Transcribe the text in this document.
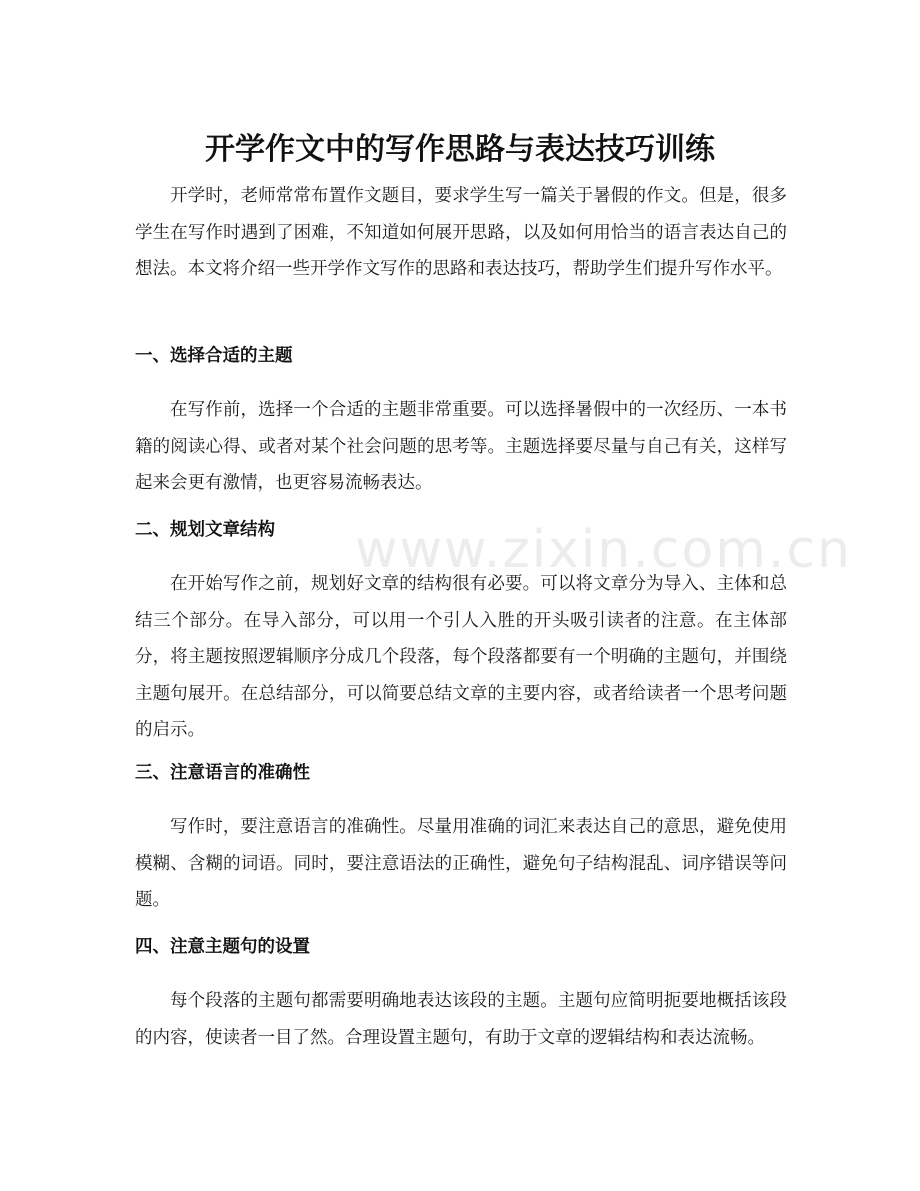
www.zixin.com.cn
开学作文中的写作思路与表达技巧训练

开学时，老师常常布置作文题目，要求学生写一篇关于暑假的作文。但是，很多学生在写作时遇到了困难，不知道如何展开思路，以及如何用恰当的语言表达自己的想法。本文将介绍一些开学作文写作的思路和表达技巧，帮助学生们提升写作水平。

一、选择合适的主题

在写作前，选择一个合适的主题非常重要。可以选择暑假中的一次经历、一本书籍的阅读心得、或者对某个社会问题的思考等。主题选择要尽量与自己有关，这样写起来会更有激情，也更容易流畅表达。

二、规划文章结构

在开始写作之前，规划好文章的结构很有必要。可以将文章分为导入、主体和总结三个部分。在导入部分，可以用一个引人入胜的开头吸引读者的注意。在主体部分，将主题按照逻辑顺序分成几个段落，每个段落都要有一个明确的主题句，并围绕主题句展开。在总结部分，可以简要总结文章的主要内容，或者给读者一个思考问题的启示。

三、注意语言的准确性

写作时，要注意语言的准确性。尽量用准确的词汇来表达自己的意思，避免使用模糊、含糊的词语。同时，要注意语法的正确性，避免句子结构混乱、词序错误等问题。

四、注意主题句的设置

每个段落的主题句都需要明确地表达该段的主题。主题句应简明扼要地概括该段的内容，使读者一目了然。合理设置主题句，有助于文章的逻辑结构和表达流畅。
